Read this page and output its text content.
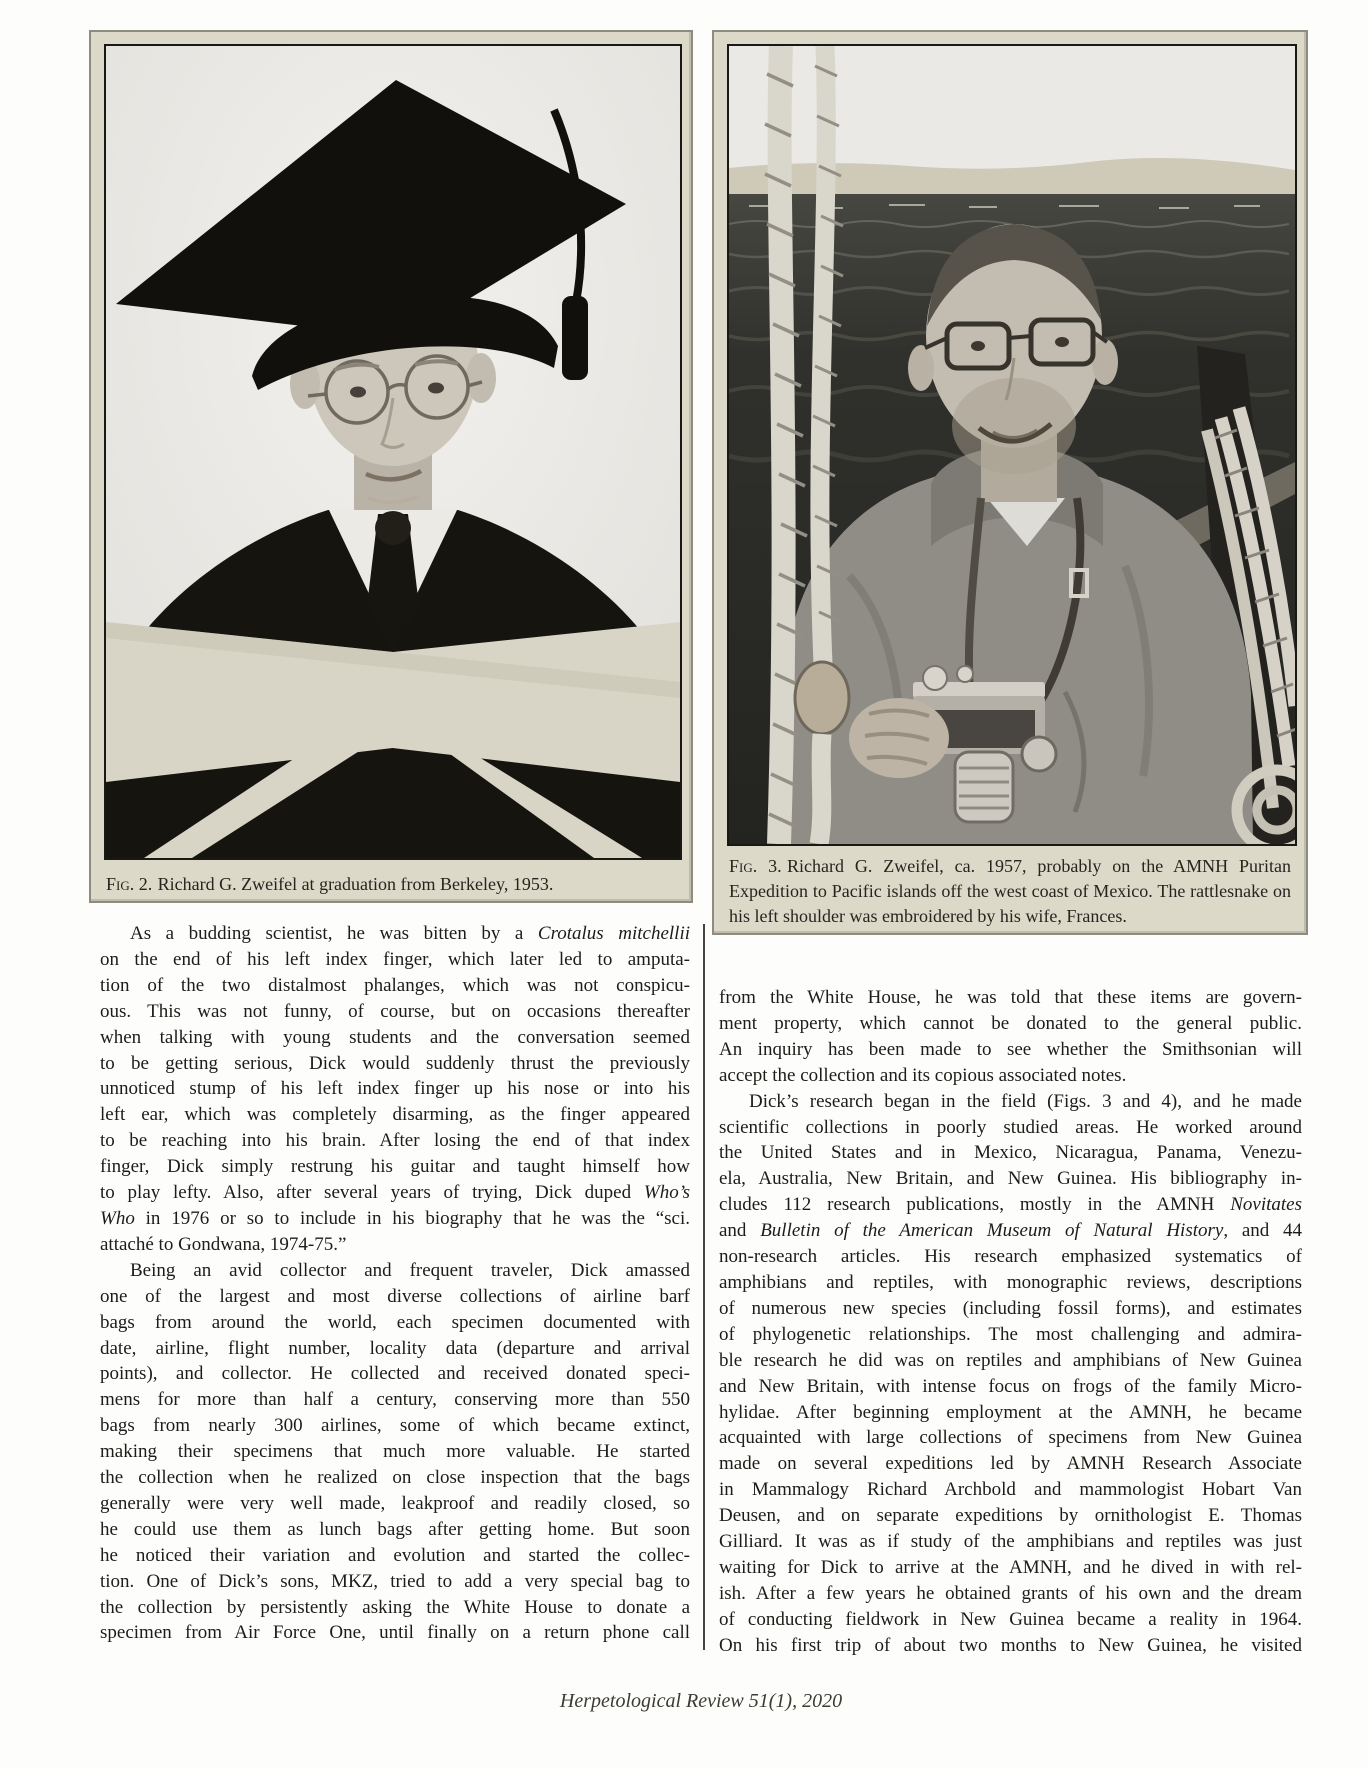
Fig. 2. Richard G. Zweifel at graduation from Berkeley, 1953.
Fig. 3. Richard G. Zweifel, ca. 1957, probably on the AMNH Puritan Expedition to Pacific islands off the west coast of Mexico. The rattlesnake on his left shoulder was embroidered by his wife, Frances.
As a budding scientist, he was bitten by a Crotalus mitchellii
on the end of his left index finger, which later led to amputa-
tion of the two distalmost phalanges, which was not conspicu-
ous. This was not funny, of course, but on occasions thereafter
when talking with young students and the conversation seemed
to be getting serious, Dick would suddenly thrust the previously
unnoticed stump of his left index finger up his nose or into his
left ear, which was completely disarming, as the finger appeared
to be reaching into his brain. After losing the end of that index
finger, Dick simply restrung his guitar and taught himself how
to play lefty. Also, after several years of trying, Dick duped Who’s
Who in 1976 or so to include in his biography that he was the “sci.
attaché to Gondwana, 1974-75.”
Being an avid collector and frequent traveler, Dick amassed
one of the largest and most diverse collections of airline barf
bags from around the world, each specimen documented with
date, airline, flight number, locality data (departure and arrival
points), and collector. He collected and received donated speci-
mens for more than half a century, conserving more than 550
bags from nearly 300 airlines, some of which became extinct,
making their specimens that much more valuable. He started
the collection when he realized on close inspection that the bags
generally were very well made, leakproof and readily closed, so
he could use them as lunch bags after getting home. But soon
he noticed their variation and evolution and started the collec-
tion. One of Dick’s sons, MKZ, tried to add a very special bag to
the collection by persistently asking the White House to donate a
specimen from Air Force One, until finally on a return phone call
from the White House, he was told that these items are govern-
ment property, which cannot be donated to the general public.
An inquiry has been made to see whether the Smithsonian will
accept the collection and its copious associated notes.
Dick’s research began in the field (Figs. 3 and 4), and he made
scientific collections in poorly studied areas. He worked around
the United States and in Mexico, Nicaragua, Panama, Venezu-
ela, Australia, New Britain, and New Guinea. His bibliography in-
cludes 112 research publications, mostly in the AMNH Novitates
and Bulletin of the American Museum of Natural History, and 44
non-research articles. His research emphasized systematics of
amphibians and reptiles, with monographic reviews, descriptions
of numerous new species (including fossil forms), and estimates
of phylogenetic relationships. The most challenging and admira-
ble research he did was on reptiles and amphibians of New Guinea
and New Britain, with intense focus on frogs of the family Micro-
hylidae. After beginning employment at the AMNH, he became
acquainted with large collections of specimens from New Guinea
made on several expeditions led by AMNH Research Associate
in Mammalogy Richard Archbold and mammologist Hobart Van
Deusen, and on separate expeditions by ornithologist E. Thomas
Gilliard. It was as if study of the amphibians and reptiles was just
waiting for Dick to arrive at the AMNH, and he dived in with rel-
ish. After a few years he obtained grants of his own and the dream
of conducting fieldwork in New Guinea became a reality in 1964.
On his first trip of about two months to New Guinea, he visited
Herpetological Review 51(1), 2020
